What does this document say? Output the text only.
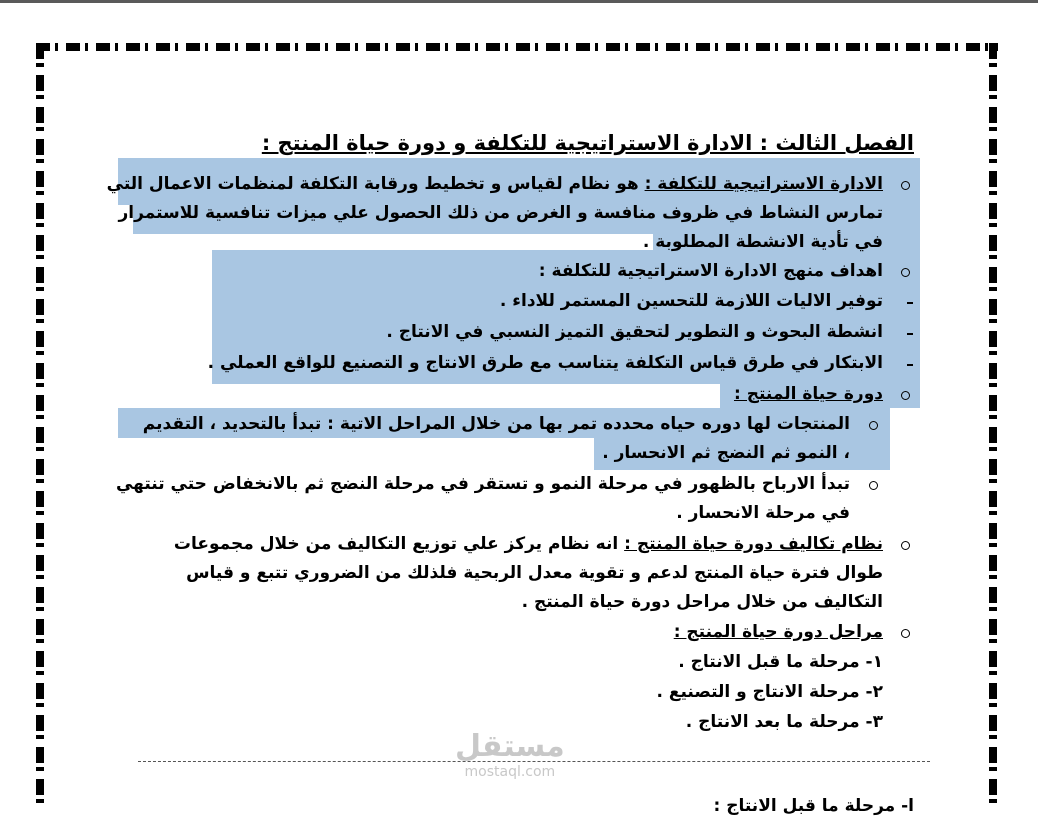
الفصل الثالث : الادارة الاستراتيجية للتكلفة و دورة حياة المنتج :
الادارة الاستراتيجية للتكلفة : هو نظام لقياس و تخطيط ورقابة التكلفة لمنظمات الاعمال التي
تمارس النشاط في ظروف منافسة و الغرض من ذلك الحصول علي ميزات تنافسية للاستمرار
في تأدية الانشطة المطلوبة .
اهداف منهج الادارة الاستراتيجية للتكلفة :
توفير الاليات اللازمة للتحسين المستمر للاداء .
انشطة البحوث و التطوير لتحقيق التميز النسبي في الانتاج .
الابتكار في طرق قياس التكلفة يتناسب مع طرق الانتاج و التصنيع للواقع العملي .
دورة حياة المنتج :
المنتجات لها دوره حياه محدده تمر بها من خلال المراحل الاتية : تبدأ بالتحديد ، التقديم
، النمو ثم النضج ثم الانحسار .
تبدأ الارباح بالظهور في مرحلة النمو و تستقر في مرحلة النضج ثم بالانخفاض حتي تنتهي
في مرحلة الانحسار .
نظام تكاليف دورة حياة المنتج : انه نظام يركز علي توزيع التكاليف من خلال مجموعات
طوال فترة حياة المنتج لدعم و تقوية معدل الربحية فلذلك من الضروري تتبع و قياس
التكاليف من خلال مراحل دورة حياة المنتج .
مراحل دورة حياة المنتج :
١- مرحلة ما قبل الانتاج .
٢- مرحلة الانتاج و التصنيع .
٣- مرحلة ما بعد الانتاج .
مستقل
mostaql.com
ا- مرحلة ما قبل الانتاج :
